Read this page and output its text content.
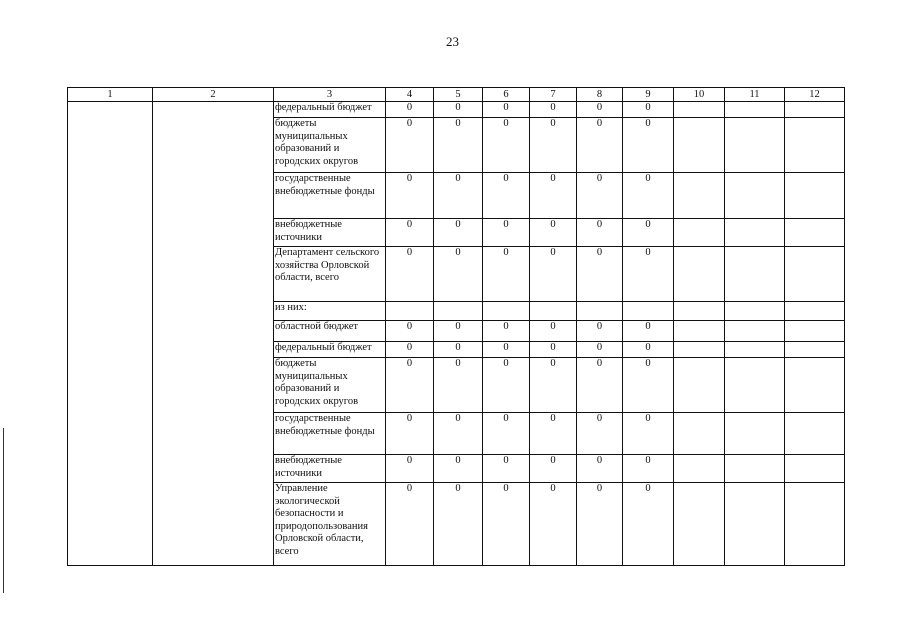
23
1	2	3	4	5	6	7	8	9	10	11	12
		федеральный бюджет	0	0	0	0	0	0			
		бюджеты муниципальных образований и городских округов	0	0	0	0	0	0			
		государственные внебюджетные фонды	0	0	0	0	0	0			
		внебюджетные источники	0	0	0	0	0	0			
		Департамент сельского хозяйства Орловской области, всего	0	0	0	0	0	0			
		из них:									
		областной бюджет	0	0	0	0	0	0			
		федеральный бюджет	0	0	0	0	0	0			
		бюджеты муниципальных образований и городских округов	0	0	0	0	0	0			
		государственные внебюджетные фонды	0	0	0	0	0	0			
		внебюджетные источники	0	0	0	0	0	0			
		Управление экологической безопасности и природопользования Орловской области, всего	0	0	0	0	0	0			
